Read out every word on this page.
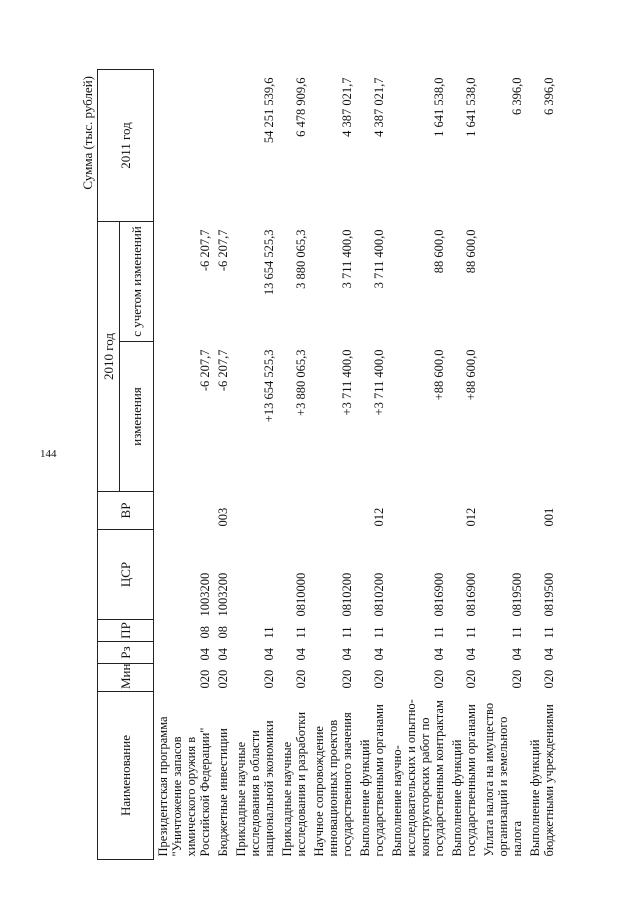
144
Сумма (тыс. рублей)
Наименование	Мин	Рз	ПР	ЦСР	ВР	2010 год		2011 год
						изменения	с учетом изменений	
Президентская программа "Уничтожение запасов химического оружия в Российской Федерации"	020	04	08	1003200		-6 207,7	-6 207,7	
Бюджетные инвестиции	020	04	08	1003200	003	-6 207,7	-6 207,7	
Прикладные научные исследования в области национальной экономики	020	04	11			+13 654 525,3	13 654 525,3	54 251 539,6
Прикладные научные исследования и разработки	020	04	11	0810000		+3 880 065,3	3 880 065,3	6 478 909,6
Научное сопровождение инновационных проектов государственного значения	020	04	11	0810200		+3 711 400,0	3 711 400,0	4 387 021,7
Выполнение функций государственными органами	020	04	11	0810200	012	+3 711 400,0	3 711 400,0	4 387 021,7
Выполнение научно-исследовательских и опытно-конструкторских работ по государственным контрактам	020	04	11	0816900		+88 600,0	88 600,0	1 641 538,0
Выполнение функций государственными органами	020	04	11	0816900	012	+88 600,0	88 600,0	1 641 538,0
Уплата налога на имущество организаций и земельного налога	020	04	11	0819500				6 396,0
Выполнение функций бюджетными учреждениями	020	04	11	0819500	001			6 396,0
